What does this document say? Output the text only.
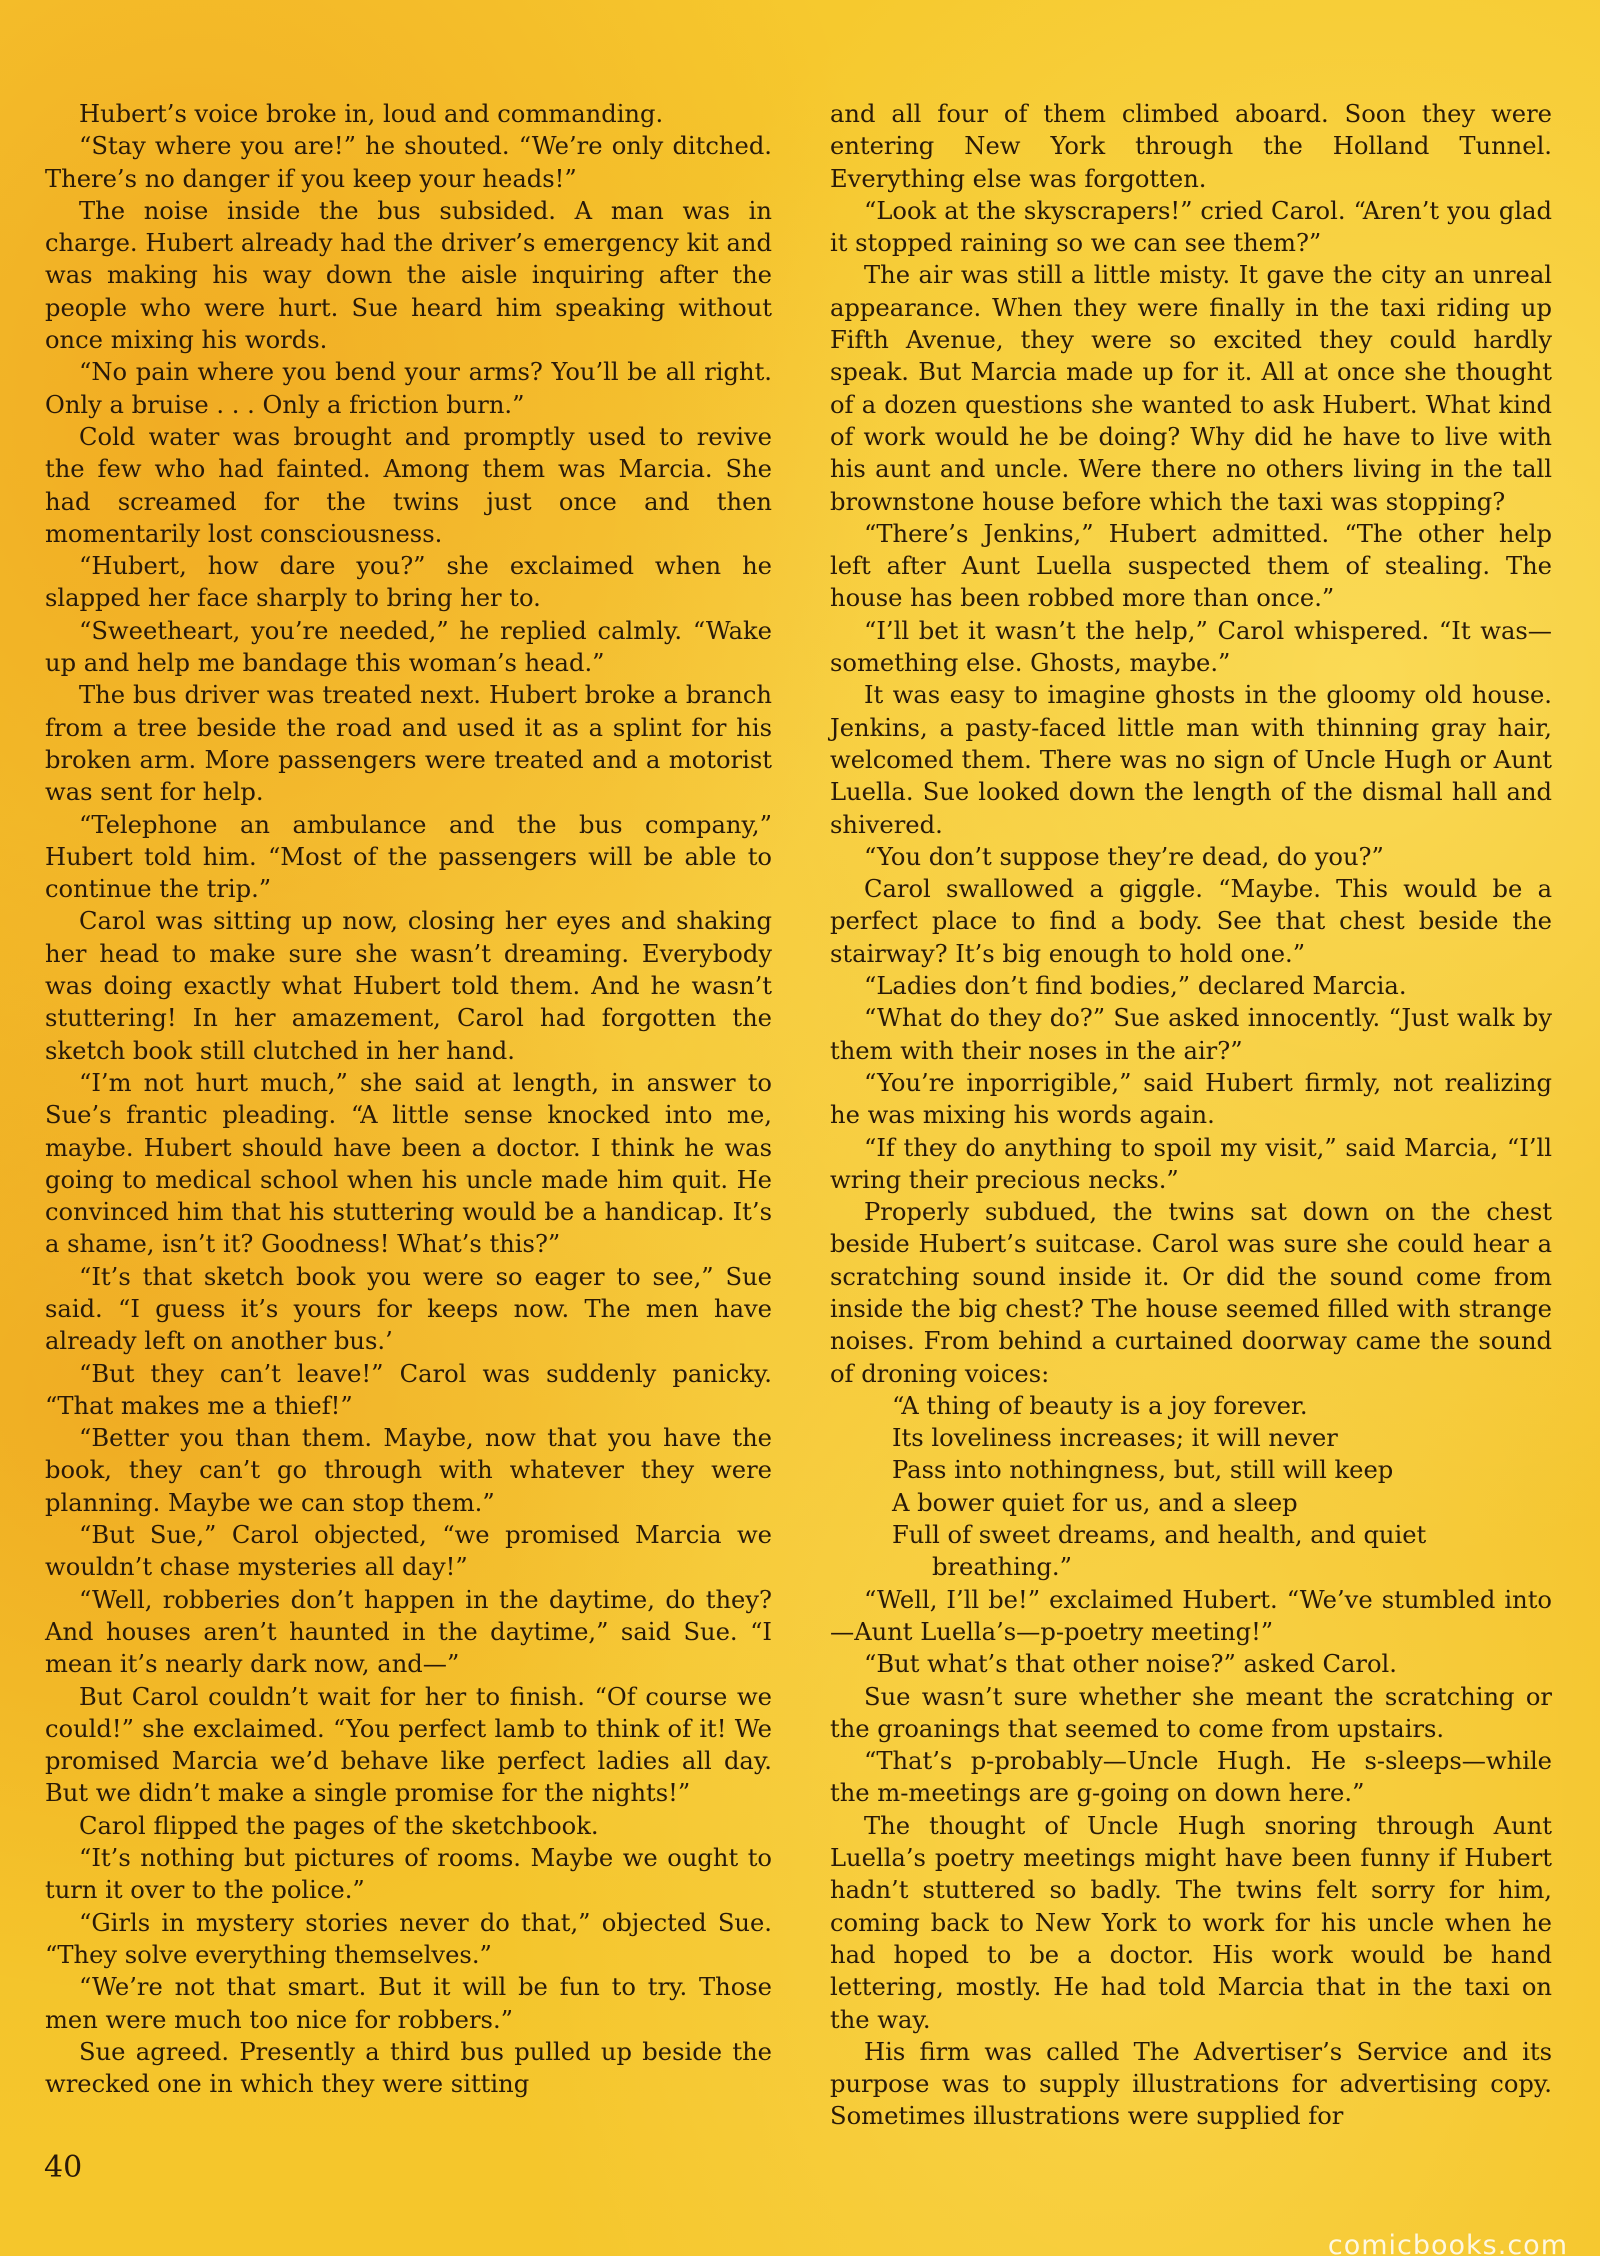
Hubert’s voice broke in, loud and commanding.

“Stay where you are!” he shouted. “We’re only ditched. There’s no danger if you keep your heads!”

The noise inside the bus subsided. A man was in charge. Hubert already had the driver’s emergency kit and was making his way down the aisle inquiring after the people who were hurt. Sue heard him speaking without once mixing his words.

“No pain where you bend your arms? You’ll be all right. Only a bruise . . . Only a friction burn.”

Cold water was brought and promptly used to revive the few who had fainted. Among them was Marcia. She had screamed for the twins just once and then momentarily lost consciousness.

“Hubert, how dare you?” she exclaimed when he slapped her face sharply to bring her to.

“Sweetheart, you’re needed,” he replied calmly. “Wake up and help me bandage this woman’s head.”

The bus driver was treated next. Hubert broke a branch from a tree beside the road and used it as a splint for his broken arm. More passengers were treated and a motorist was sent for help.

“Telephone an ambulance and the bus company,” Hubert told him. “Most of the passengers will be able to continue the trip.”

Carol was sitting up now, closing her eyes and shaking her head to make sure she wasn’t dreaming. Everybody was doing exactly what Hubert told them. And he wasn’t stuttering! In her amazement, Carol had forgotten the sketch book still clutched in her hand.

“I’m not hurt much,” she said at length, in answer to Sue’s frantic pleading. “A little sense knocked into me, maybe. Hubert should have been a doctor. I think he was going to medical school when his uncle made him quit. He convinced him that his stuttering would be a handicap. It’s a shame, isn’t it? Goodness! What’s this?”

“It’s that sketch book you were so eager to see,” Sue said. “I guess it’s yours for keeps now. The men have already left on another bus.’

“But they can’t leave!” Carol was suddenly panicky. “That makes me a thief!”

“Better you than them. Maybe, now that you have the book, they can’t go through with whatever they were planning. Maybe we can stop them.”

“But Sue,” Carol objected, “we promised Marcia we wouldn’t chase mysteries all day!”

“Well, robberies don’t happen in the daytime, do they? And houses aren’t haunted in the daytime,” said Sue. “I mean it’s nearly dark now, and—”

But Carol couldn’t wait for her to finish. “Of course we could!” she exclaimed. “You perfect lamb to think of it! We promised Marcia we’d behave like perfect ladies all day. But we didn’t make a single promise for the nights!”

Carol flipped the pages of the sketchbook.

“It’s nothing but pictures of rooms. Maybe we ought to turn it over to the police.”

“Girls in mystery stories never do that,” objected Sue. “They solve everything themselves.”

“We’re not that smart. But it will be fun to try. Those men were much too nice for robbers.”

Sue agreed. Presently a third bus pulled up beside the wrecked one in which they were sitting

and all four of them climbed aboard. Soon they were entering New York through the Holland Tunnel. Everything else was forgotten.

“Look at the skyscrapers!” cried Carol. “Aren’t you glad it stopped raining so we can see them?”

The air was still a little misty. It gave the city an unreal appearance. When they were finally in the taxi riding up Fifth Avenue, they were so excited they could hardly speak. But Marcia made up for it. All at once she thought of a dozen questions she wanted to ask Hubert. What kind of work would he be doing? Why did he have to live with his aunt and uncle. Were there no others living in the tall brownstone house before which the taxi was stopping?

“There’s Jenkins,” Hubert admitted. “The other help left after Aunt Luella suspected them of stealing. The house has been robbed more than once.”

“I’ll bet it wasn’t the help,” Carol whispered. “It was—something else. Ghosts, maybe.”

It was easy to imagine ghosts in the gloomy old house. Jenkins, a pasty-faced little man with thinning gray hair, welcomed them. There was no sign of Uncle Hugh or Aunt Luella. Sue looked down the length of the dismal hall and shivered.

“You don’t suppose they’re dead, do you?”

Carol swallowed a giggle. “Maybe. This would be a perfect place to find a body. See that chest beside the stairway? It’s big enough to hold one.”

“Ladies don’t find bodies,” declared Marcia.

“What do they do?” Sue asked innocently. “Just walk by them with their noses in the air?”

“You’re inporrigible,” said Hubert firmly, not realizing he was mixing his words again.

“If they do anything to spoil my visit,” said Marcia, “I’ll wring their precious necks.”

Properly subdued, the twins sat down on the chest beside Hubert’s suitcase. Carol was sure she could hear a scratching sound inside it. Or did the sound come from inside the big chest? The house seemed filled with strange noises. From behind a curtained doorway came the sound of droning voices:

“A thing of beauty is a joy forever.
Its loveliness increases; it will never
Pass into nothingness, but, still will keep
A bower quiet for us, and a sleep
Full of sweet dreams, and health, and quiet
breathing.”

“Well, I’ll be!” exclaimed Hubert. “We’ve stumbled into—Aunt Luella’s—p-poetry meeting!”

“But what’s that other noise?” asked Carol.

Sue wasn’t sure whether she meant the scratching or the groanings that seemed to come from upstairs.

“That’s p-probably—Uncle Hugh. He s-sleeps—while the m-meetings are g-going on down here.”

The thought of Uncle Hugh snoring through Aunt Luella’s poetry meetings might have been funny if Hubert hadn’t stuttered so badly. The twins felt sorry for him, coming back to New York to work for his uncle when he had hoped to be a doctor. His work would be hand lettering, mostly. He had told Marcia that in the taxi on the way.

His firm was called The Advertiser’s Service and its purpose was to supply illustrations for advertising copy. Sometimes illustrations were supplied for

40
comicbooks.com
